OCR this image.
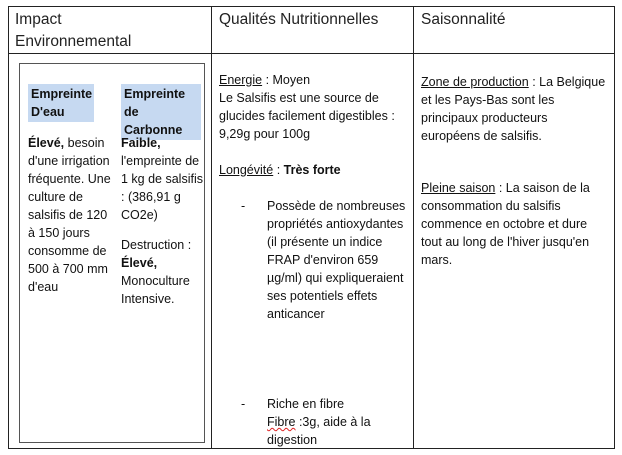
Impact Environnemental
Qualités Nutritionnelles	Saisonnalité
Empreinte D'eau
Empreinte de Carbonne
Élevé, besoin d'une irrigation fréquente. Une culture de salsifis de 120 à 150 jours consomme de 500 à 700 mm d'eau
Faible, l'empreinte de 1 kg de salsifis : (386,91 g CO2e)
Destruction :
Élevé, Monoculture Intensive.
Energie : Moyen
Le Salsifis est une source de glucides facilement digestibles : 9,29g pour 100g
Longévité : Très forte
- Possède de nombreuses propriétés antioxydantes (il présente un indice FRAP d'environ 659 µg/ml) qui expliqueraient ses potentiels effets anticancer
- Riche en fibre
Fibre :3g, aide à la digestion
Zone de production : La Belgique et les Pays-Bas sont les principaux producteurs européens de salsifis.
Pleine saison : La saison de la consommation du salsifis commence en octobre et dure tout au long de l'hiver jusqu'en mars.
